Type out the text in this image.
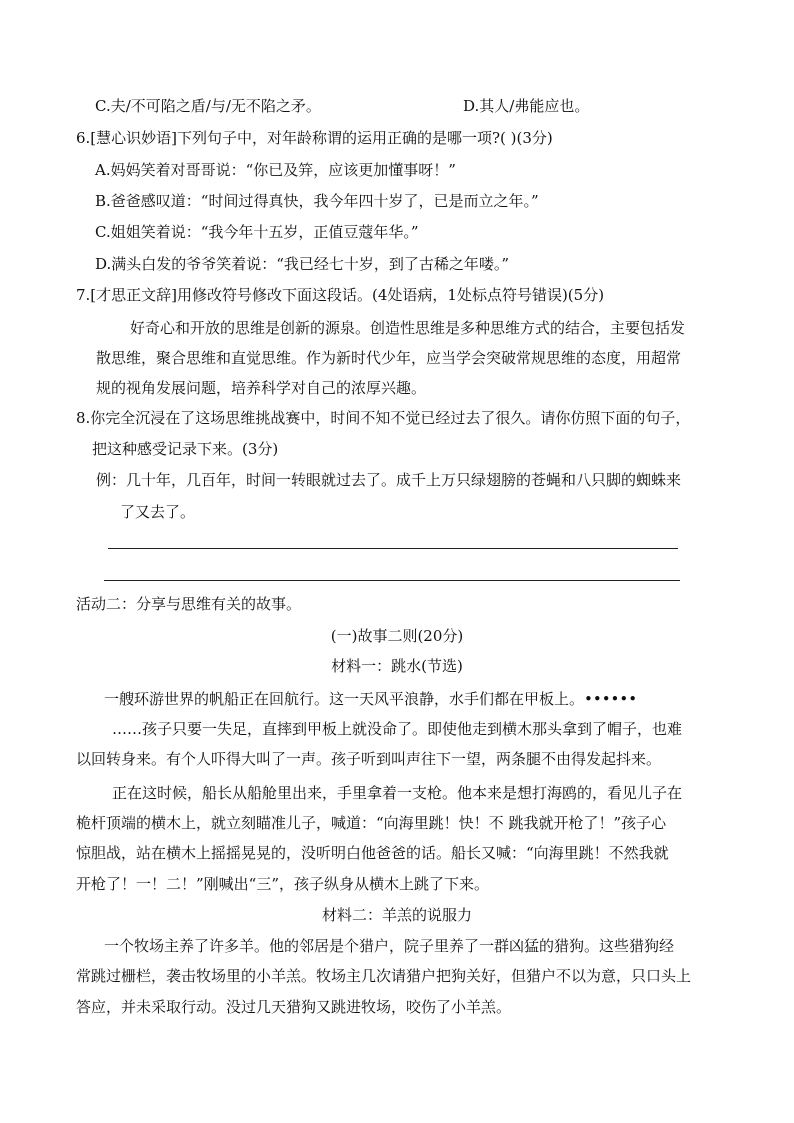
C.夫/不可陷之盾/与/无不陷之矛。	D.其人/弗能应也。
6.[慧心识妙语]下列句子中，对年龄称谓的运用正确的是哪一项?( )(3分)
A.妈妈笑着对哥哥说：“你已及笄，应该更加懂事呀！”
B.爸爸感叹道：“时间过得真快，我今年四十岁了，已是而立之年。”
C.姐姐笑着说：“我今年十五岁，正值豆蔻年华。”
D.满头白发的爷爷笑着说：“我已经七十岁，到了古稀之年喽。”
7.[才思正文辞]用修改符号修改下面这段话。(4处语病，1处标点符号错误)(5分)
好奇心和开放的思维是创新的源泉。创造性思维是多种思维方式的结合，主要包括发
散思维，聚合思维和直觉思维。作为新时代少年，应当学会突破常规思维的态度，用超常
规的视角发展问题，培养科学对自己的浓厚兴趣。
8.你完全沉浸在了这场思维挑战赛中，时间不知不觉已经过去了很久。请你仿照下面的句子，
把这种感受记录下来。(3分)
例：几十年，几百年，时间一转眼就过去了。成千上万只绿翅膀的苍蝇和八只脚的蜘蛛来
了又去了。
活动二：分享与思维有关的故事。
(一)故事二则(20分)
材料一：跳水(节选)
一艘环游世界的帆船正在回航行。这一天风平浪静，水手们都在甲板上。••••••
……孩子只要一失足，直摔到甲板上就没命了。即使他走到横木那头拿到了帽子，也难
以回转身来。有个人吓得大叫了一声。孩子听到叫声往下一望，两条腿不由得发起抖来。
正在这时候，船长从船舱里出来，手里拿着一支枪。他本来是想打海鸥的，看见儿子在
桅杆顶端的横木上，就立刻瞄准儿子，喊道：“向海里跳！快！不 跳我就开枪了！”孩子心
惊胆战，站在横木上摇摇晃晃的，没听明白他爸爸的话。船长又喊：“向海里跳！不然我就
开枪了！一！二！”刚喊出“三”，孩子纵身从横木上跳了下来。
材料二：羊羔的说服力
一个牧场主养了许多羊。他的邻居是个猎户，院子里养了一群凶猛的猎狗。这些猎狗经
常跳过栅栏，袭击牧场里的小羊羔。牧场主几次请猎户把狗关好，但猎户不以为意，只口头上
答应，并未采取行动。没过几天猎狗又跳进牧场，咬伤了小羊羔。
